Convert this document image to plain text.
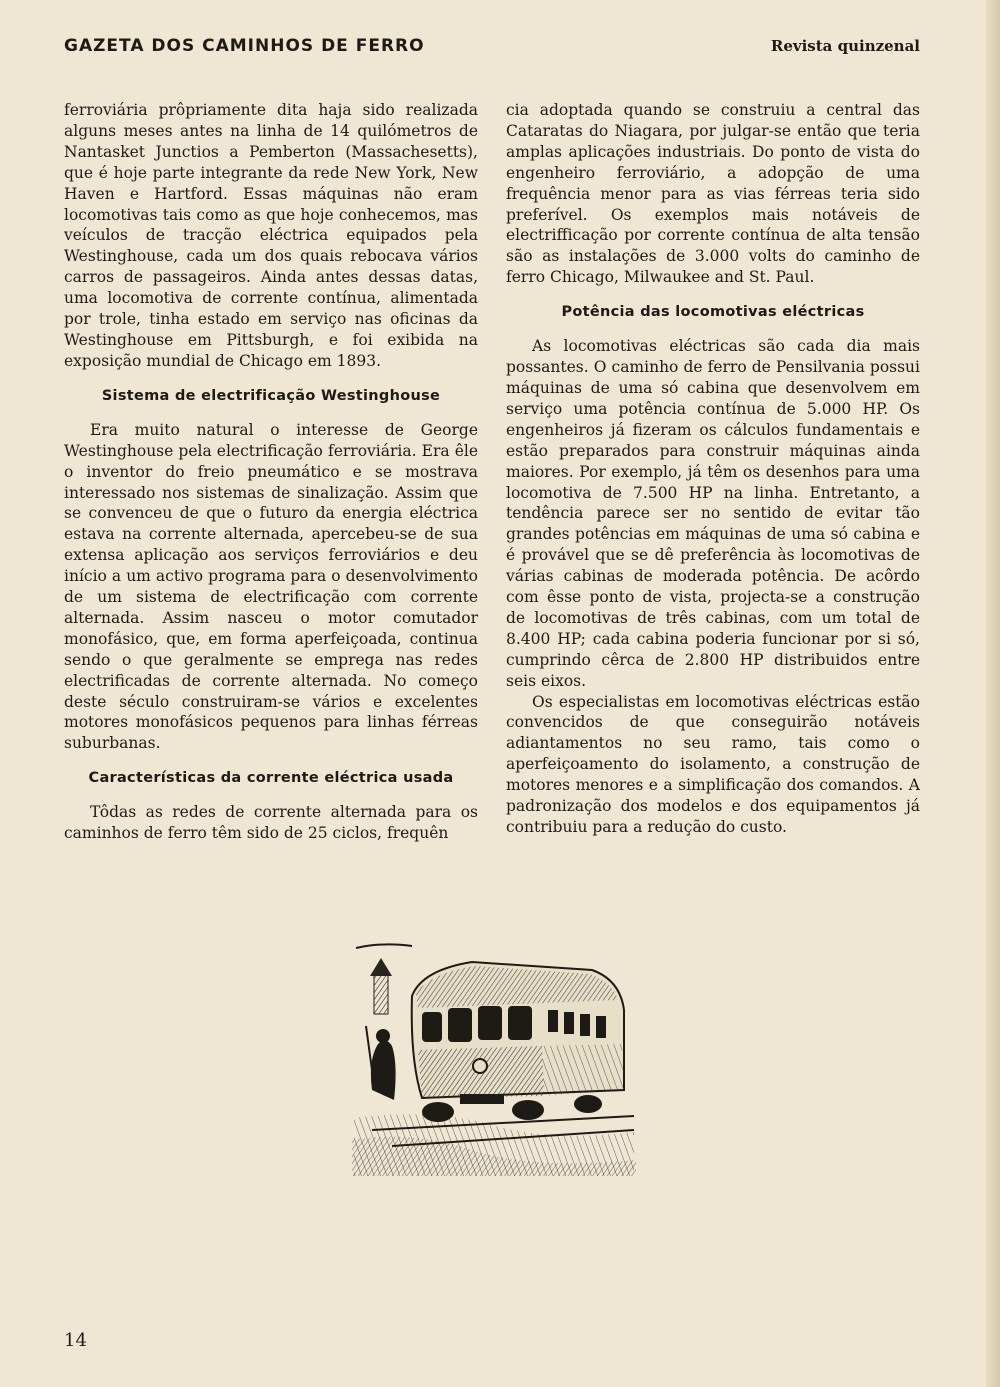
GAZETA DOS CAMINHOS DE FERRO	Revista quinzenal

ferroviária prôpriamente dita haja sido realizada alguns meses antes na linha de 14 quilómetros de Nantasket Junctios a Pemberton (Massachesetts), que é hoje parte integrante da rede New York, New Haven e Hartford. Essas máquinas não eram locomotivas tais como as que hoje conhecemos, mas veículos de tracção eléctrica equipados pela Westinghouse, cada um dos quais rebocava vários carros de passageiros. Ainda antes dessas datas, uma locomotiva de corrente contínua, alimentada por trole, tinha estado em serviço nas oficinas da Westinghouse em Pittsburgh, e foi exibida na exposição mundial de Chicago em 1893.

Sistema de electrificação Westinghouse

Era muito natural o interesse de George Westinghouse pela electrificação ferroviária. Era êle o inventor do freio pneumático e se mostrava interessado nos sistemas de sinalização. Assim que se convenceu de que o futuro da energia eléctrica estava na corrente alternada, apercebeu-se de sua extensa aplicação aos serviços ferroviários e deu início a um activo programa para o desenvolvimento de um sistema de electrificação com corrente alternada. Assim nasceu o motor comutador monofásico, que, em forma aperfeiçoada, continua sendo o que geralmente se emprega nas redes electrificadas de corrente alternada. No começo deste século construiram-se vários e excelentes motores monofásicos pequenos para linhas férreas suburbanas.

Características da corrente eléctrica usada

Tôdas as redes de corrente alternada para os caminhos de ferro têm sido de 25 ciclos, frequên

cia adoptada quando se construiu a central das Cataratas do Niagara, por julgar-se então que teria amplas aplicações industriais. Do ponto de vista do engenheiro ferroviário, a adopção de uma frequência menor para as vias férreas teria sido preferível. Os exemplos mais notáveis de electrifficação por corrente contínua de alta tensão são as instalações de 3.000 volts do caminho de ferro Chicago, Milwaukee and St. Paul.

Potência das locomotivas eléctricas

As locomotivas eléctricas são cada dia mais possantes. O caminho de ferro de Pensilvania possui máquinas de uma só cabina que desenvolvem em serviço uma potência contínua de 5.000 HP. Os engenheiros já fizeram os cálculos fundamentais e estão preparados para construir máquinas ainda maiores. Por exemplo, já têm os desenhos para uma locomotiva de 7.500 HP na linha. Entretanto, a tendência parece ser no sentido de evitar tão grandes potências em máquinas de uma só cabina e é provável que se dê preferência às locomotivas de várias cabinas de moderada potência. De acôrdo com êsse ponto de vista, projecta-se a construção de locomotivas de três cabinas, com um total de 8.400 HP; cada cabina poderia funcionar por si só, cumprindo cêrca de 2.800 HP distribuidos entre seis eixos.

Os especialistas em locomotivas eléctricas estão convencidos de que conseguirão notáveis adiantamentos no seu ramo, tais como o aperfeiçoamento do isolamento, a construção de motores menores e a simplificação dos comandos. A padronização dos modelos e dos equipamentos já contribuiu para a redução do custo.

14
